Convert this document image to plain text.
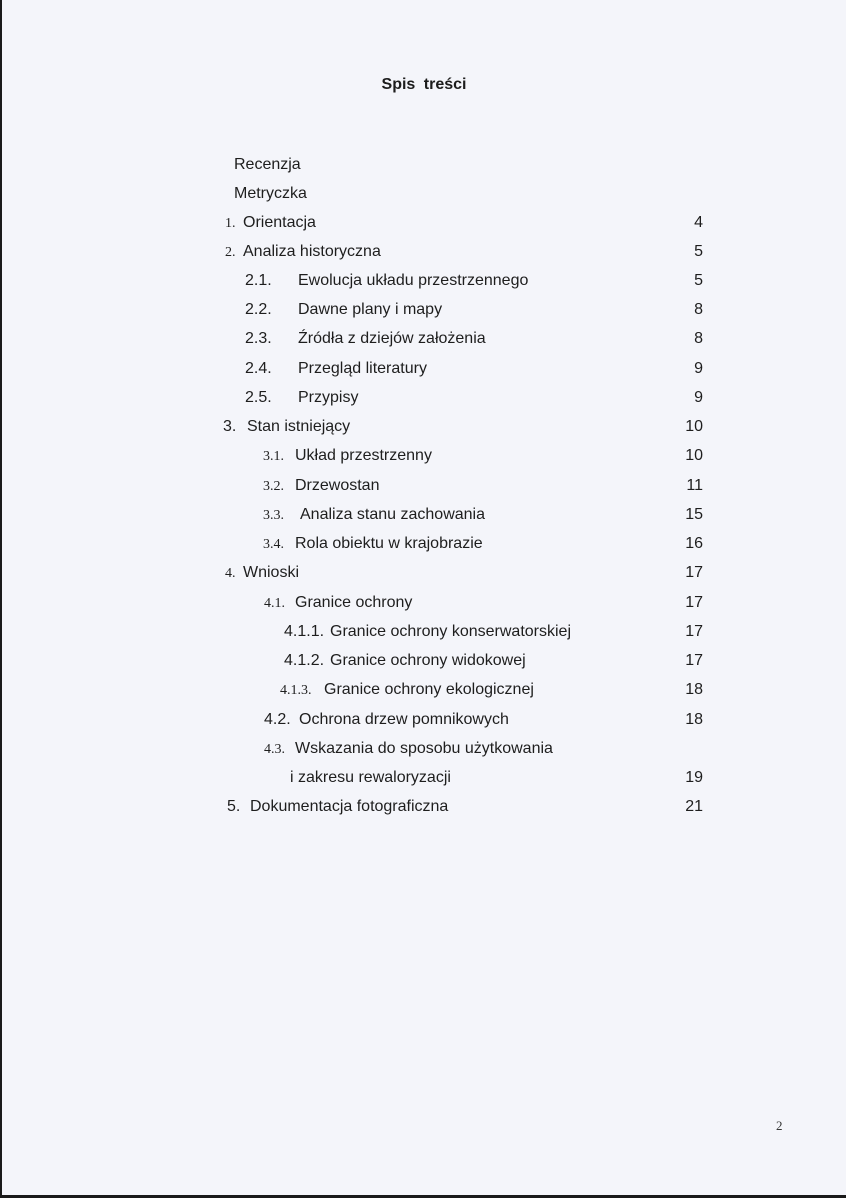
Spis treści
Recenzja
Metryczka
1. Orientacja	4
2. Analiza historyczna	5
2.1. Ewolucja układu przestrzennego	5
2.2. Dawne plany i mapy	8
2.3. Źródła z dziejów założenia	8
2.4. Przegląd literatury	9
2.5. Przypisy	9
3. Stan istniejący	10
3.1. Układ przestrzenny	10
3.2. Drzewostan	11
3.3. Analiza stanu zachowania	15
3.4. Rola obiektu w krajobrazie	16
4. Wnioski	17
4.1. Granice ochrony	17
4.1.1. Granice ochrony konserwatorskiej	17
4.1.2. Granice ochrony widokowej	17
4.1.3. Granice ochrony ekologicznej	18
4.2. Ochrona drzew pomnikowych	18
4.3. Wskazania do sposobu użytkowania
i zakresu rewaloryzacji	19
5. Dokumentacja fotograficzna	21
2
